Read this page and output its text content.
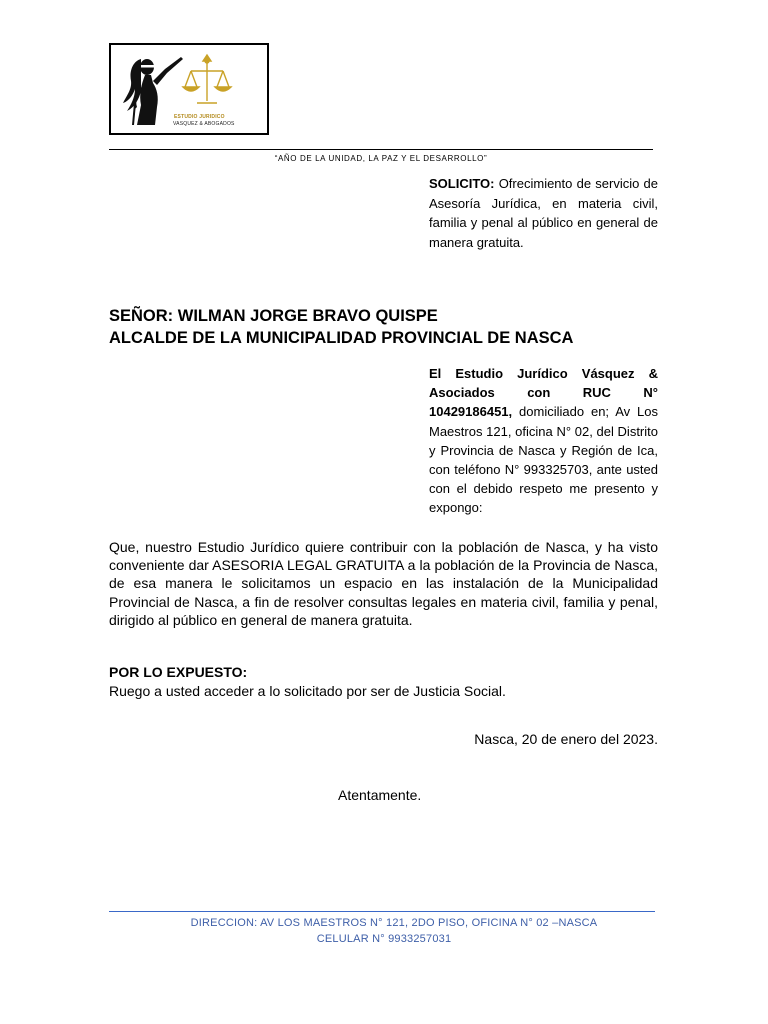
ESTUDIO JURIDICO
VASQUEZ & ABOGADOS
“AÑO DE LA UNIDAD, LA PAZ Y EL DESARROLLO”
SOLICITO: Ofrecimiento de servicio de Asesoría Jurídica, en materia civil, familia y penal al público en general de manera gratuita.
SEÑOR: WILMAN JORGE BRAVO QUISPE
ALCALDE DE LA MUNICIPALIDAD PROVINCIAL DE NASCA
El Estudio Jurídico Vásquez & Asociados con RUC N° 10429186451, domiciliado en; Av Los Maestros 121, oficina N° 02, del Distrito y Provincia de Nasca y Región de Ica, con teléfono N° 993325703, ante usted con el debido respeto me presento y expongo:
Que, nuestro Estudio Jurídico quiere contribuir con la población de Nasca, y ha visto conveniente dar ASESORIA LEGAL GRATUITA a la población de la Provincia de Nasca, de esa manera le solicitamos un espacio en las instalación de la Municipalidad Provincial de Nasca, a fin de resolver consultas legales en materia civil, familia y penal, dirigido al público en general de manera gratuita.
POR LO EXPUESTO:
Ruego a usted acceder a lo solicitado por ser de Justicia Social.
Nasca, 20 de enero del 2023.
Atentamente.
DIRECCION: AV LOS MAESTROS N° 121, 2DO PISO, OFICINA N° 02 –NASCA
CELULAR N° 9933257031
